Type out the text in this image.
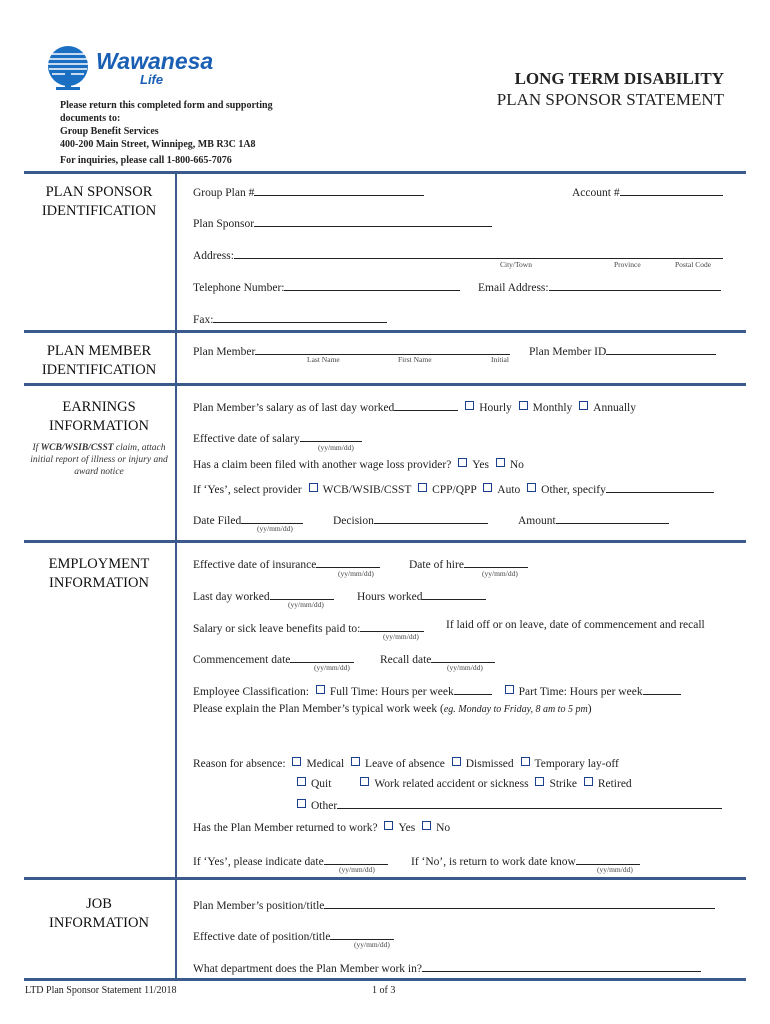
Wawanesa
Life	LONG TERM DISABILITY
PLAN SPONSOR STATEMENT
Please return this completed form and supporting
documents to:
Group Benefit Services
400-200 Main Street, Winnipeg, MB R3C 1A8
For inquiries, please call 1-800-665-7076
PLAN SPONSOR
IDENTIFICATION
PLAN MEMBER
IDENTIFICATION
EARNINGS
INFORMATION
If WCB/WSIB/CSST claim, attach initial report of illness or injury and award notice
EMPLOYMENT
INFORMATION
JOB
INFORMATION
Group Plan #	Account #
Plan Sponsor
Address:
City/Town	Province	Postal Code
Telephone Number:	Email Address:
Fax:
Plan Member
Last Name	First Name	Initial
Plan Member ID
Plan Member’s salary as of last day worked	Hourly Monthly Annually
Effective date of salary
(yy/mm/dd)
Has a claim been filed with another wage loss provider? Yes No
If ‘Yes’, select provider WCB/WSIB/CSST CPP/QPP Auto Other, specify
Date Filed
(yy/mm/dd)
Decision	Amount
Effective date of insurance
(yy/mm/dd)
Date of hire
(yy/mm/dd)
Last day worked
(yy/mm/dd)
Hours worked
Salary or sick leave benefits paid to:
(yy/mm/dd)
If laid off or on leave, date of commencement and recall
Commencement date
(yy/mm/dd)
Recall date
(yy/mm/dd)
Employee Classification: Full Time: Hours per week	Part Time: Hours per week
Please explain the Plan Member’s typical work week (eg. Monday to Friday, 8 am to 5 pm)
Reason for absence: Medical Leave of absence Dismissed Temporary lay-off
Quit	Work related accident or sickness Strike Retired
Other
Has the Plan Member returned to work? Yes No
If ‘Yes’, please indicate date
(yy/mm/dd)
If ‘No’, is return to work date know
(yy/mm/dd)
Plan Member’s position/title
Effective date of position/title
(yy/mm/dd)
What department does the Plan Member work in?
LTD Plan Sponsor Statement 11/2018	1 of 3
